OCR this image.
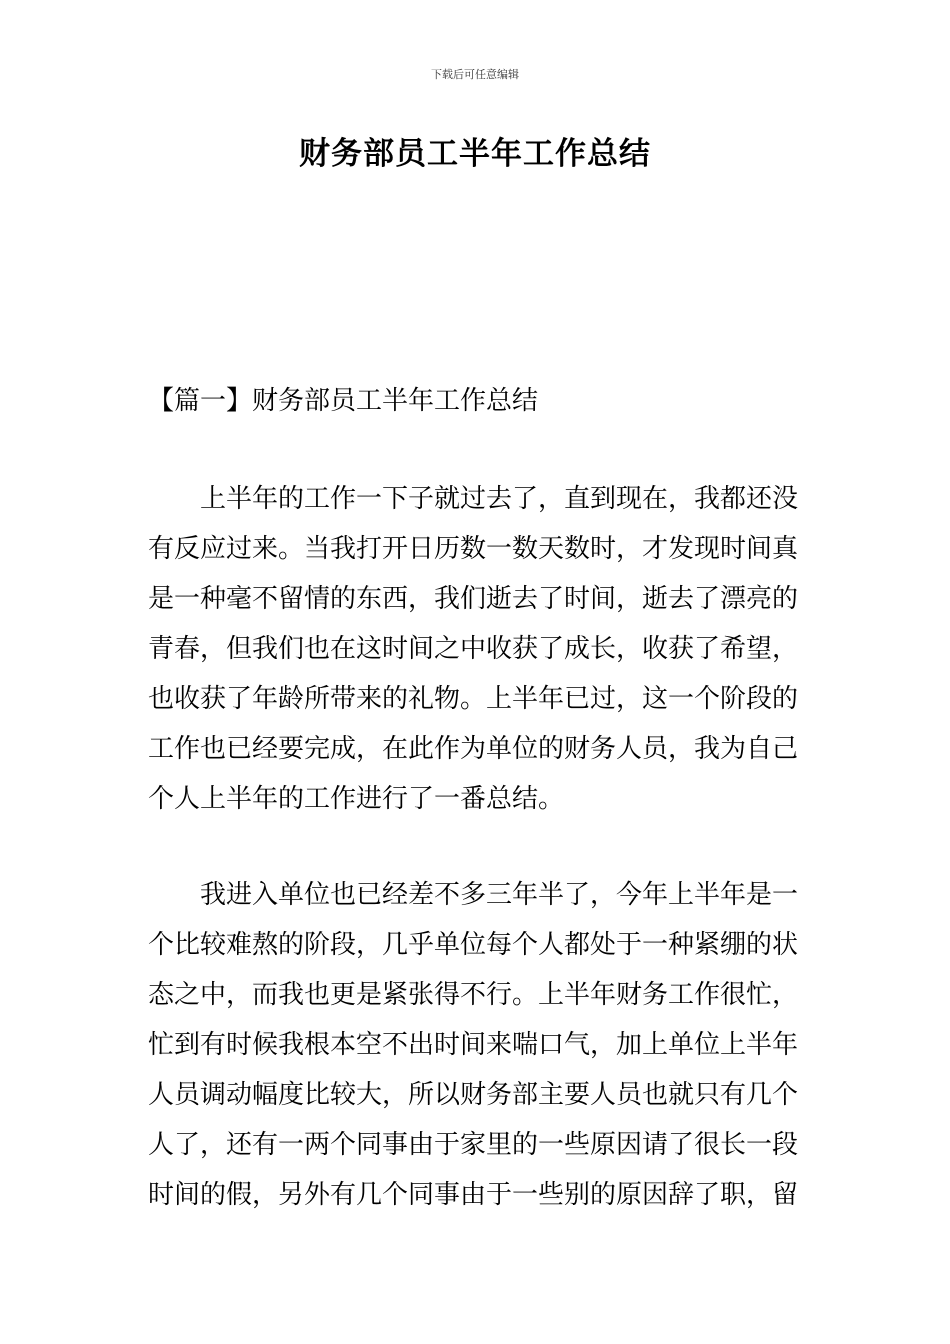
下载后可任意编辑
财务部员工半年工作总结
【篇一】财务部员工半年工作总结
上半年的工作一下子就过去了，直到现在，我都还没
有反应过来。当我打开日历数一数天数时，才发现时间真
是一种毫不留情的东西，我们逝去了时间，逝去了漂亮的
青春，但我们也在这时间之中收获了成长，收获了希望，
也收获了年龄所带来的礼物。上半年已过，这一个阶段的
工作也已经要完成，在此作为单位的财务人员，我为自己
个人上半年的工作进行了一番总结。
我进入单位也已经差不多三年半了，今年上半年是一
个比较难熬的阶段，几乎单位每个人都处于一种紧绷的状
态之中，而我也更是紧张得不行。上半年财务工作很忙，
忙到有时候我根本空不出时间来喘口气，加上单位上半年
人员调动幅度比较大，所以财务部主要人员也就只有几个
人了，还有一两个同事由于家里的一些原因请了很长一段
时间的假，另外有几个同事由于一些别的原因辞了职，留
